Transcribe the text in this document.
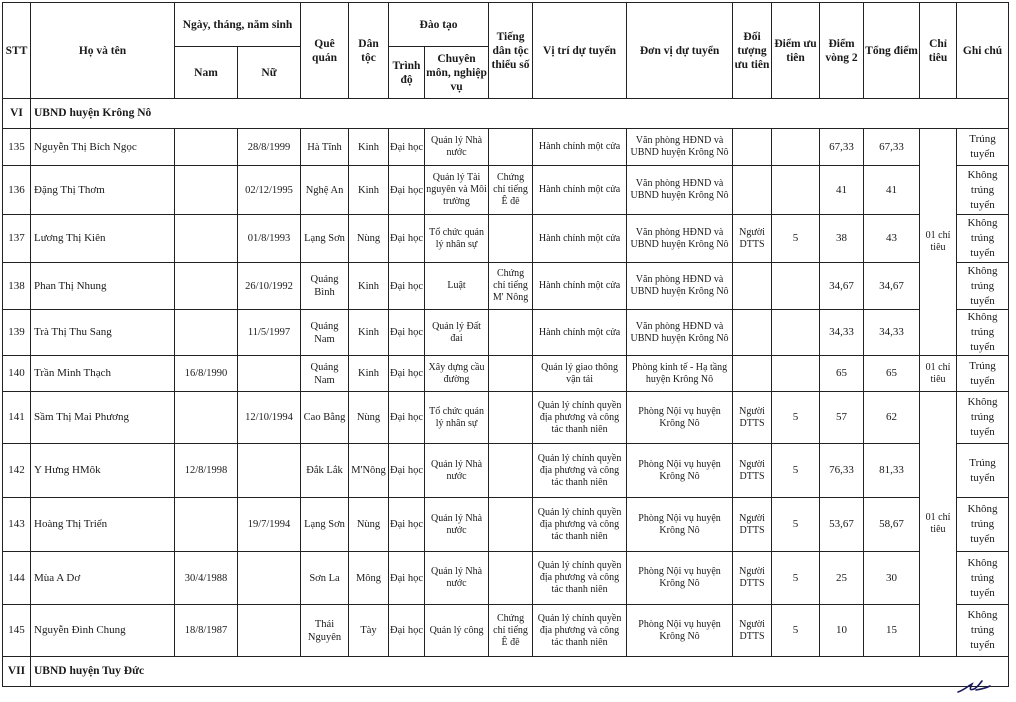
STT	Họ và tên	Ngày, tháng, năm sinh		Quê quán	Dân tộc	Đào tạo		Tiếng dân tộc thiểu số	Vị trí dự tuyển	Đơn vị dự tuyển	Đối tượng ưu tiên	Điểm ưu tiên	Điểm vòng 2	Tổng điểm	Chỉ tiêu	Ghi chú
		Nam	Nữ			Trình độ	Chuyên môn, nghiệp vụ									
VI	UBND huyện Krông Nô															
135	Nguyễn Thị Bích Ngọc		28/8/1999	Hà Tĩnh	Kinh	Đại học	Quản lý Nhà nước		Hành chính một cửa	Văn phòng HĐND và UBND huyện Krông Nô			67,33	67,33	01 chỉ tiêu	Trúng tuyển
136	Đặng Thị Thơm		02/12/1995	Nghệ An	Kinh	Đại học	Quản lý Tài nguyên và Môi trường	Chứng chỉ tiếng Ê đê	Hành chính một cửa	Văn phòng HĐND và UBND huyện Krông Nô			41	41		Không trúng tuyển
137	Lương Thị Kiên		01/8/1993	Lạng Sơn	Nùng	Đại học	Tổ chức quản lý nhân sự		Hành chính một cửa	Văn phòng HĐND và UBND huyện Krông Nô	Người DTTS	5	38	43		Không trúng tuyển
138	Phan Thị Nhung		26/10/1992	Quảng Bình	Kinh	Đại học	Luật	Chứng chỉ tiếng M' Nông	Hành chính một cửa	Văn phòng HĐND và UBND huyện Krông Nô			34,67	34,67		Không trúng tuyển
139	Trà Thị Thu Sang		11/5/1997	Quảng Nam	Kinh	Đại học	Quản lý Đất đai		Hành chính một cửa	Văn phòng HĐND và UBND huyện Krông Nô			34,33	34,33		Không trúng tuyển
140	Trần Minh Thạch	16/8/1990		Quảng Nam	Kinh	Đại học	Xây dựng cầu đường		Quản lý giao thông vận tải	Phòng kinh tế - Hạ tầng huyện Krông Nô			65	65	01 chỉ tiêu	Trúng tuyển
141	Sầm Thị Mai Phương		12/10/1994	Cao Bằng	Nùng	Đại học	Tổ chức quản lý nhân sự		Quản lý chính quyền địa phương và công tác thanh niên	Phòng Nội vụ huyện Krông Nô	Người DTTS	5	57	62	01 chỉ tiêu	Không trúng tuyển
142	Y Hưng HMôk	12/8/1998		Đắk Lắk	M'Nông	Đại học	Quản lý Nhà nước		Quản lý chính quyền địa phương và công tác thanh niên	Phòng Nội vụ huyện Krông Nô	Người DTTS	5	76,33	81,33		Trúng tuyển
143	Hoàng Thị Triển		19/7/1994	Lạng Sơn	Nùng	Đại học	Quản lý Nhà nước		Quản lý chính quyền địa phương và công tác thanh niên	Phòng Nội vụ huyện Krông Nô	Người DTTS	5	53,67	58,67		Không trúng tuyển
144	Mùa A Dơ	30/4/1988		Sơn La	Mông	Đại học	Quản lý Nhà nước		Quản lý chính quyền địa phương và công tác thanh niên	Phòng Nội vụ huyện Krông Nô	Người DTTS	5	25	30		Không trúng tuyển
145	Nguyễn Đình Chung	18/8/1987		Thái Nguyên	Tày	Đại học	Quản lý công	Chứng chỉ tiếng Ê đê	Quản lý chính quyền địa phương và công tác thanh niên	Phòng Nội vụ huyện Krông Nô	Người DTTS	5	10	15		Không trúng tuyển
VII	UBND huyện Tuy Đức															
